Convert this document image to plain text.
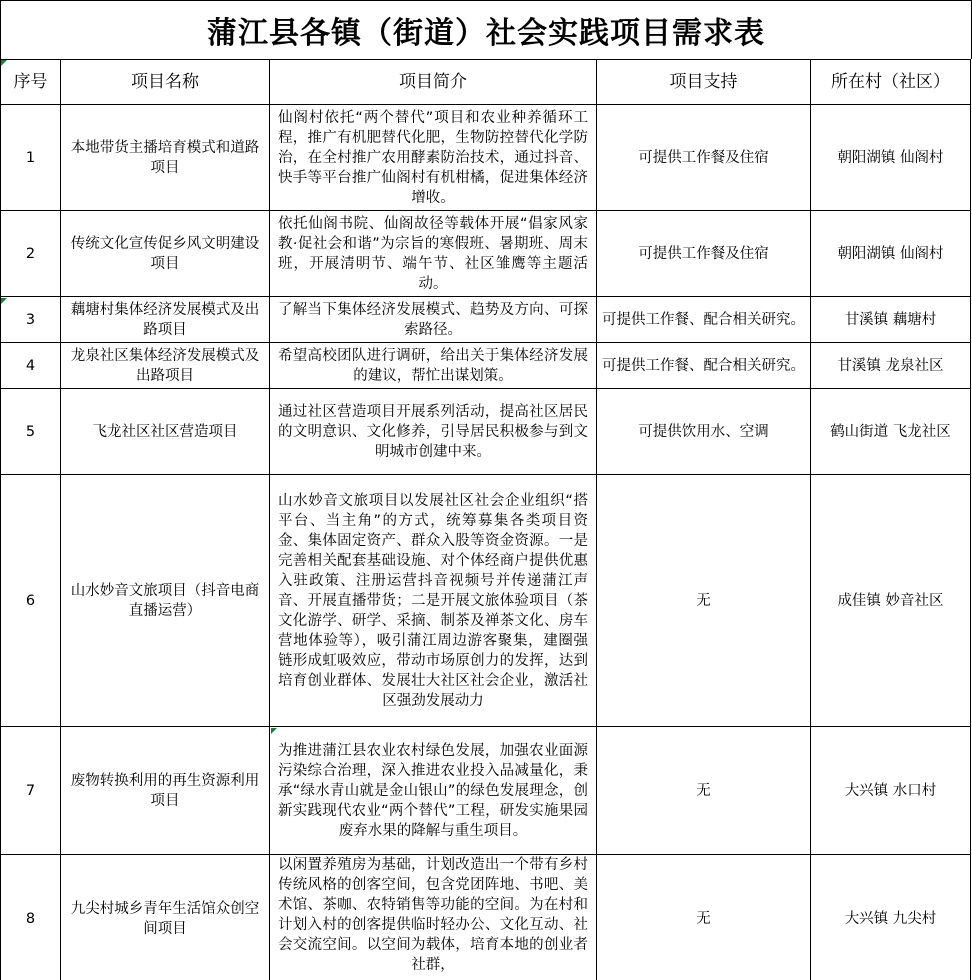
蒲江县各镇（街道）社会实践项目需求表
序号	项目名称	项目简介	项目支持	所在村（社区）
1	本地带货主播培育模式和道路项目	仙阁村依托“两个替代”项目和农业种养循环工程，推广有机肥替代化肥，生物防控替代化学防治，在全村推广农用酵素防治技术，通过抖音、快手等平台推广仙阁村有机柑橘，促进集体经济增收。	可提供工作餐及住宿	朝阳湖镇 仙阁村
2	传统文化宣传促乡风文明建设项目	依托仙阁书院、仙阁故径等载体开展“倡家风家教·促社会和谐”为宗旨的寒假班、暑期班、周末班，开展清明节、端午节、社区雏鹰等主题活动。	可提供工作餐及住宿	朝阳湖镇 仙阁村
3	藕塘村集体经济发展模式及出路项目	了解当下集体经济发展模式、趋势及方向、可探索路径。	可提供工作餐、配合相关研究。	甘溪镇 藕塘村
4	龙泉社区集体经济发展模式及出路项目	希望高校团队进行调研，给出关于集体经济发展的建议，帮忙出谋划策。	可提供工作餐、配合相关研究。	甘溪镇 龙泉社区
5	飞龙社区社区营造项目	通过社区营造项目开展系列活动，提高社区居民的文明意识、文化修养，引导居民积极参与到文明城市创建中来。	可提供饮用水、空调	鹤山街道 飞龙社区
6	山水妙音文旅项目（抖音电商直播运营）	山水妙音文旅项目以发展社区社会企业组织“搭平台、当主角”的方式，统筹募集各类项目资金、集体固定资产、群众入股等资金资源。一是完善相关配套基础设施、对个体经商户提供优惠入驻政策、注册运营抖音视频号并传递蒲江声音、开展直播带货；二是开展文旅体验项目（茶文化游学、研学、采摘、制茶及禅茶文化、房车营地体验等），吸引蒲江周边游客聚集，建圈强链形成虹吸效应，带动市场原创力的发挥，达到培育创业群体、发展壮大社区社会企业，激活社区强劲发展动力	无	成佳镇 妙音社区
7	废物转换利用的再生资源利用项目	为推进蒲江县农业农村绿色发展，加强农业面源污染综合治理，深入推进农业投入品减量化，秉承“绿水青山就是金山银山”的绿色发展理念，创新实践现代农业“两个替代”工程，研发实施果园废弃水果的降解与重生项目。	无	大兴镇 水口村
8	九尖村城乡青年生活馆众创空间项目	以闲置养殖房为基础，计划改造出一个带有乡村传统风格的创客空间，包含党团阵地、书吧、美术馆、茶咖、农特销售等功能的空间。为在村和计划入村的创客提供临时轻办公、文化互动、社会交流空间。以空间为载体，培育本地的创业者社群，	无	大兴镇 九尖村
